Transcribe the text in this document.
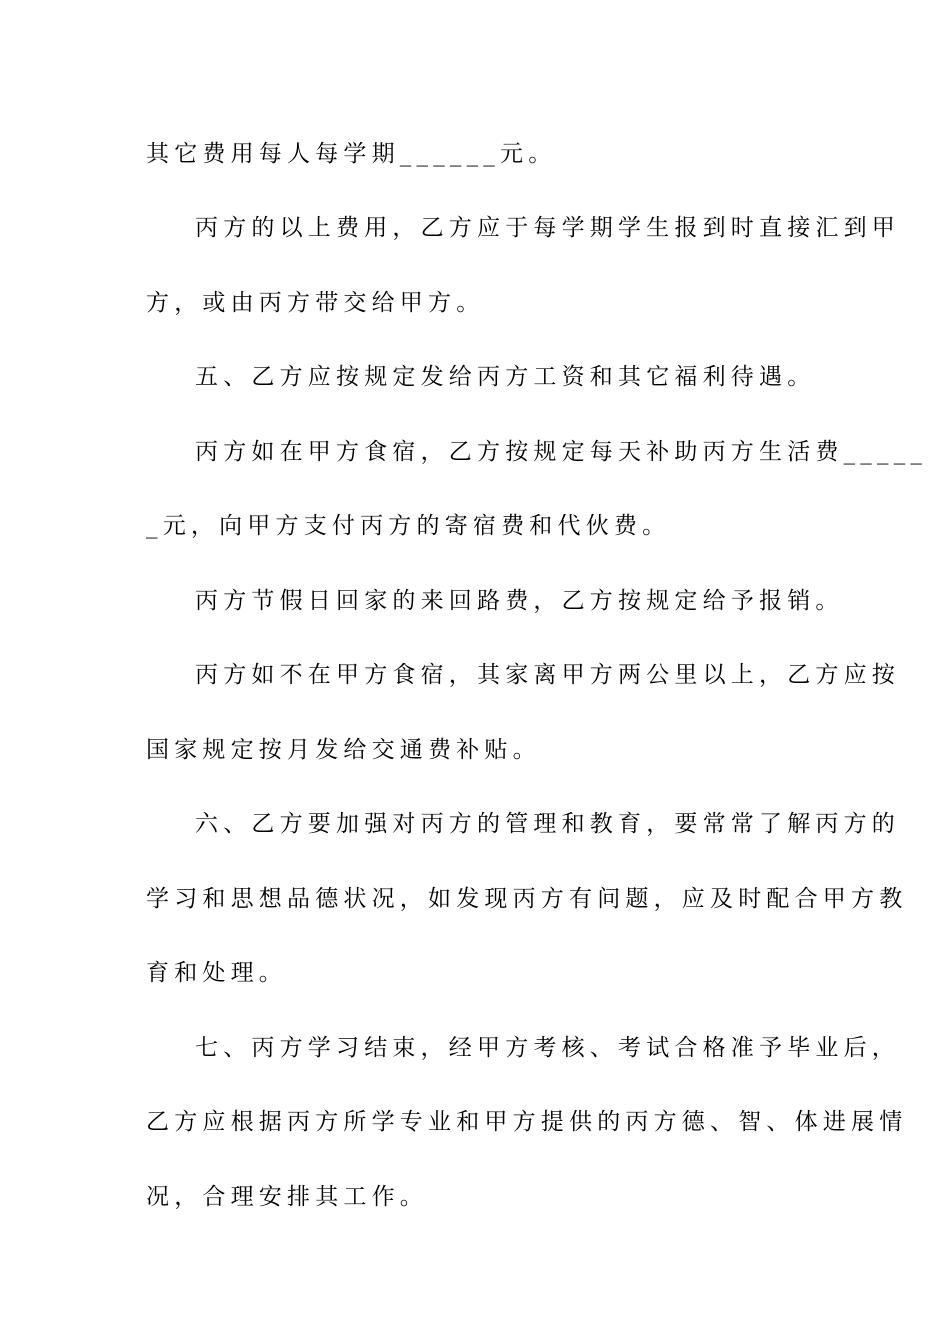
其它费用每人每学期______元。
丙方的以上费用，乙方应于每学期学生报到时直接汇到甲
方，或由丙方带交给甲方。
五、乙方应按规定发给丙方工资和其它福利待遇。
丙方如在甲方食宿，乙方按规定每天补助丙方生活费_____
_元，向甲方支付丙方的寄宿费和代伙费。
丙方节假日回家的来回路费，乙方按规定给予报销。
丙方如不在甲方食宿，其家离甲方两公里以上，乙方应按
国家规定按月发给交通费补贴。
六、乙方要加强对丙方的管理和教育，要常常了解丙方的
学习和思想品德状况，如发现丙方有问题，应及时配合甲方教
育和处理。
七、丙方学习结束，经甲方考核、考试合格准予毕业后，
乙方应根据丙方所学专业和甲方提供的丙方德、智、体进展情
况，合理安排其工作。
